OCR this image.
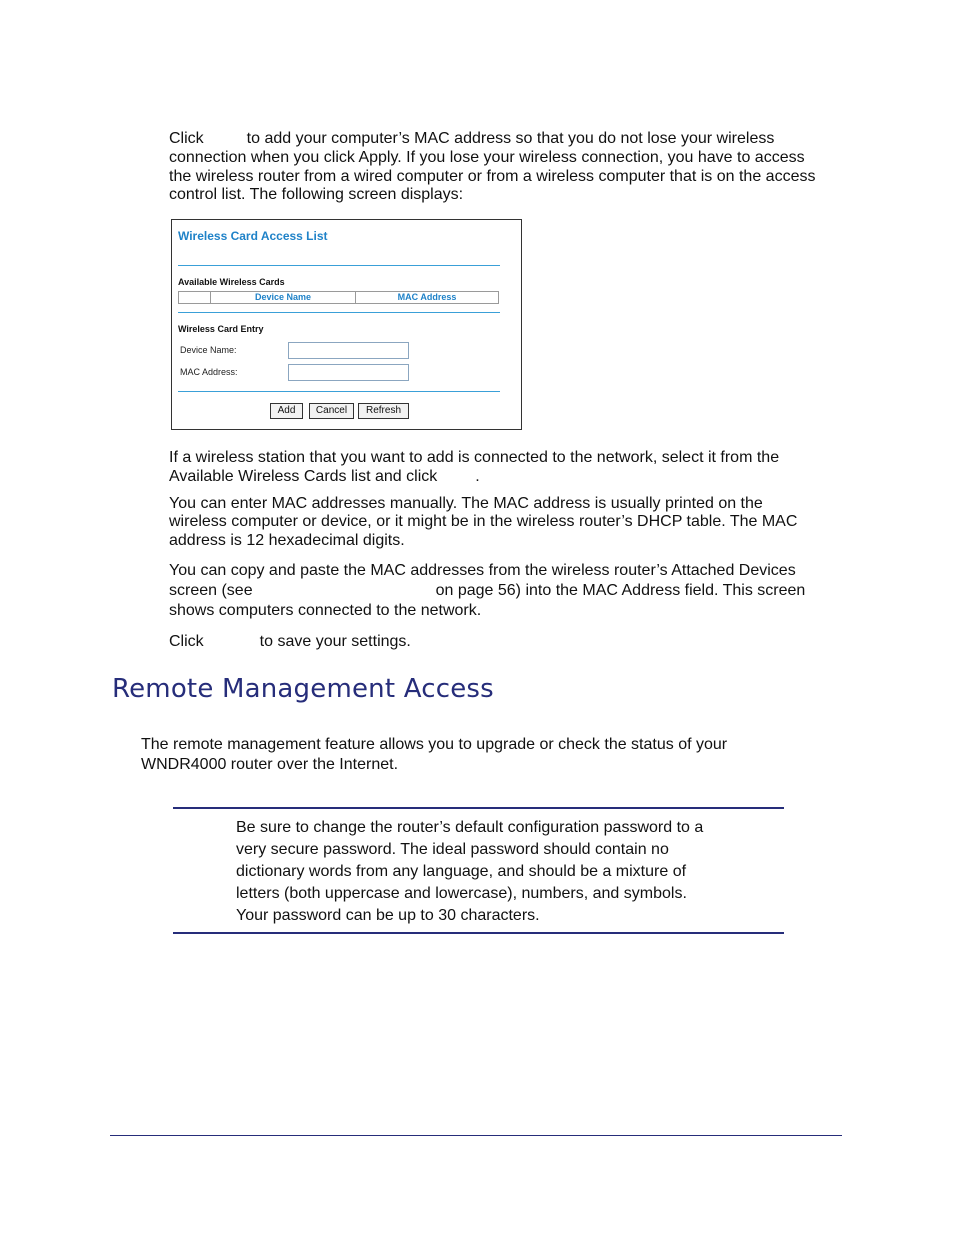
Click	to add your computer’s MAC address so that you do not lose your wireless
connection when you click Apply. If you lose your wireless connection, you have to access
the wireless router from a wired computer or from a wireless computer that is on the access
control list. The following screen displays:
Wireless Card Access List
Available Wireless Cards
Device Name	MAC Address
Wireless Card Entry
Device Name:
MAC Address:
Add	Cancel	Refresh
If a wireless station that you want to add is connected to the network, select it from the
Available Wireless Cards list and click .
You can enter MAC addresses manually. The MAC address is usually printed on the
wireless computer or device, or it might be in the wireless router’s DHCP table. The MAC
address is 12 hexadecimal digits.
You can copy and paste the MAC addresses from the wireless router’s Attached Devices
screen (see	on page 56) into the MAC Address field. This screen
shows computers connected to the network.
Click	to save your settings.
Remote Management Access
The remote management feature allows you to upgrade or check the status of your
WNDR4000 router over the Internet.
Be sure to change the router’s default configuration password to a
very secure password. The ideal password should contain no
dictionary words from any language, and should be a mixture of
letters (both uppercase and lowercase), numbers, and symbols.
Your password can be up to 30 characters.
